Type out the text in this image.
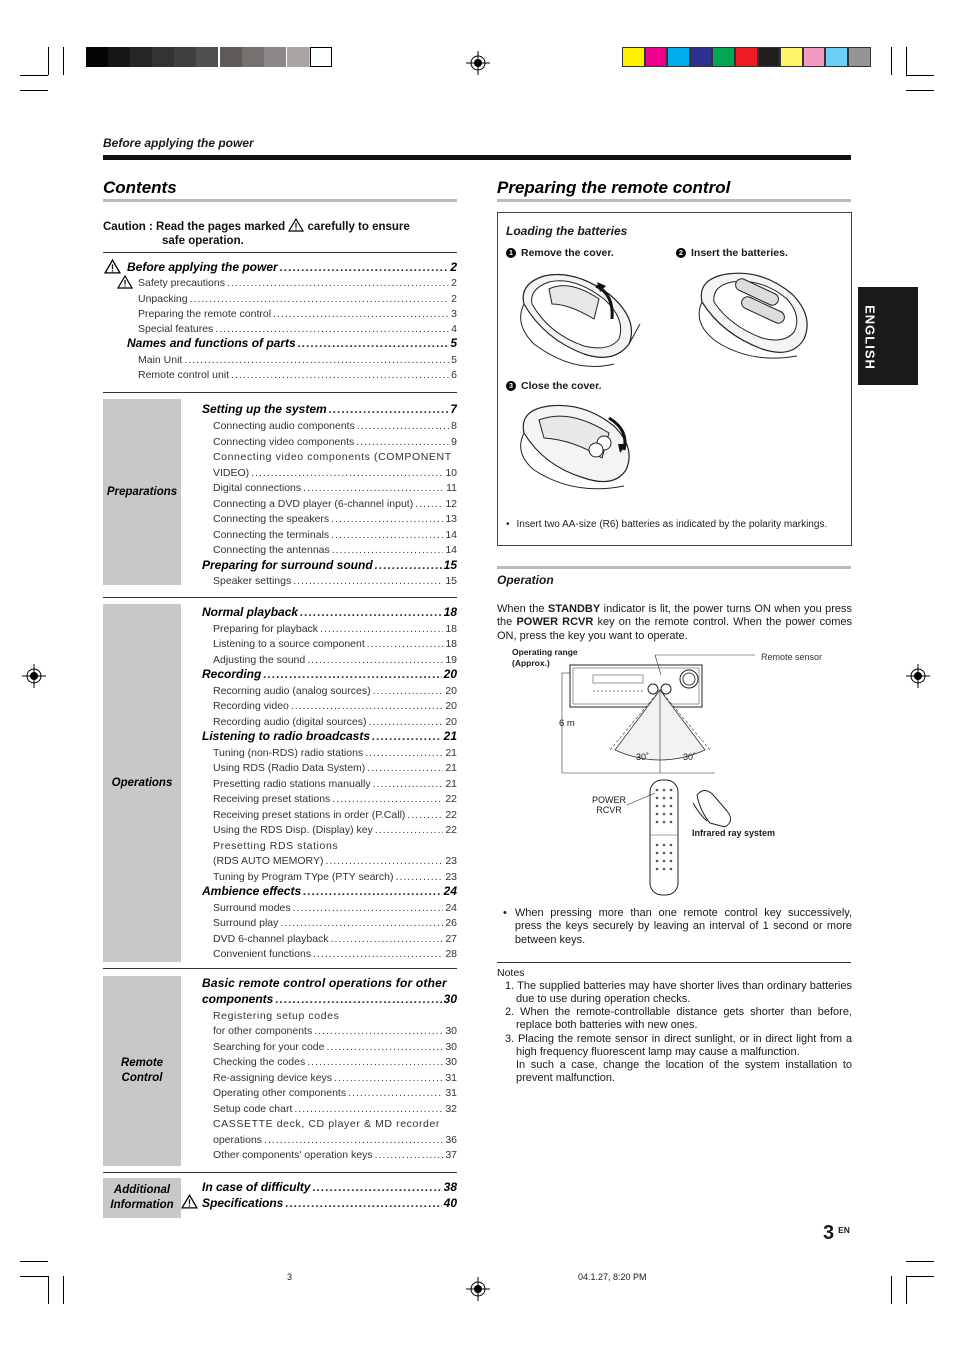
Before applying the power
ENGLISH
Contents
Caution : Read the pages marked carefully to ensure
safe operation.
Before applying the power .....	2
Safety precautions .....	2
Unpacking .....	2
Preparing the remote control .....	3
Special features .....	4
Names and functions of parts .....	5
Main Unit .....	5
Remote control unit .....	6
Preparations
Setting up the system .....	7
Connecting audio components .....	8
Connecting video components .....	9
Connecting video components (COMPONENT
VIDEO) .....	10
Digital connections .....	11
Connecting a DVD player (6-channel input) .....	12
Connecting the speakers .....	13
Connecting the terminals .....	14
Connecting the antennas .....	14
Preparing for surround sound .....	15
Speaker settings .....	15
Operations
Normal playback .....	18
Preparing for playback .....	18
Listening to a source component .....	18
Adjusting the sound .....	19
Recording .....	20
Recorning audio (analog sources) .....	20
Recording video .....	20
Recording audio (digital sources) .....	20
Listening to radio broadcasts .....	21
Tuning (non-RDS) radio stations .....	21
Using RDS (Radio Data System) .....	21
Presetting radio stations manually .....	21
Receiving preset stations .....	22
Receiving preset stations in order (P.Call) .....	22
Using the RDS Disp. (Display) key .....	22
Presetting RDS stations
(RDS AUTO MEMORY) .....	23
Tuning by Program TYpe (PTY search) .....	23
Ambience effects .....	24
Surround modes .....	24
Surround play .....	26
DVD 6-channel playback .....	27
Convenient functions .....	28
Remote Control
Basic remote control operations for other
components .....	30
Registering setup codes
for other components .....	30
Searching for your code .....	30
Checking the codes .....	30
Re-assigning device keys .....	31
Operating other components .....	31
Setup code chart .....	32
CASSETTE deck, CD player & MD recorder
operations .....	36
Other components' operation keys .....	37
Additional Information
In case of difficulty .....	38
Specifications .....	40
Preparing the remote control
Loading the batteries
1 Remove the cover.	2 Insert the batteries.
3 Close the cover.
• Insert two AA-size (R6) batteries as indicated by the polarity markings.
Operation

When the STANDBY indicator is lit, the power turns ON when you press the POWER RCVR key on the remote control. When the power comes ON, press the key you want to operate.

Operating range
(Approx.)
Remote sensor
6 m
30˚	30˚
POWER
RCVR
Infrared ray system
• When pressing more than one remote control key successively, press the keys securely by leaving an interval of 1 second or more between keys.
Notes
1. The supplied batteries may have shorter lives than ordinary batteries due to use during operation checks.
2. When the remote-controllable distance gets shorter than before, replace both batteries with new ones.
3. Placing the remote sensor in direct sunlight, or in direct light from a high frequency fluorescent lamp may cause a malfunction.
In such a case, change the location of the system installation to prevent malfunction.
3 EN
3	04.1.27, 8:20 PM
